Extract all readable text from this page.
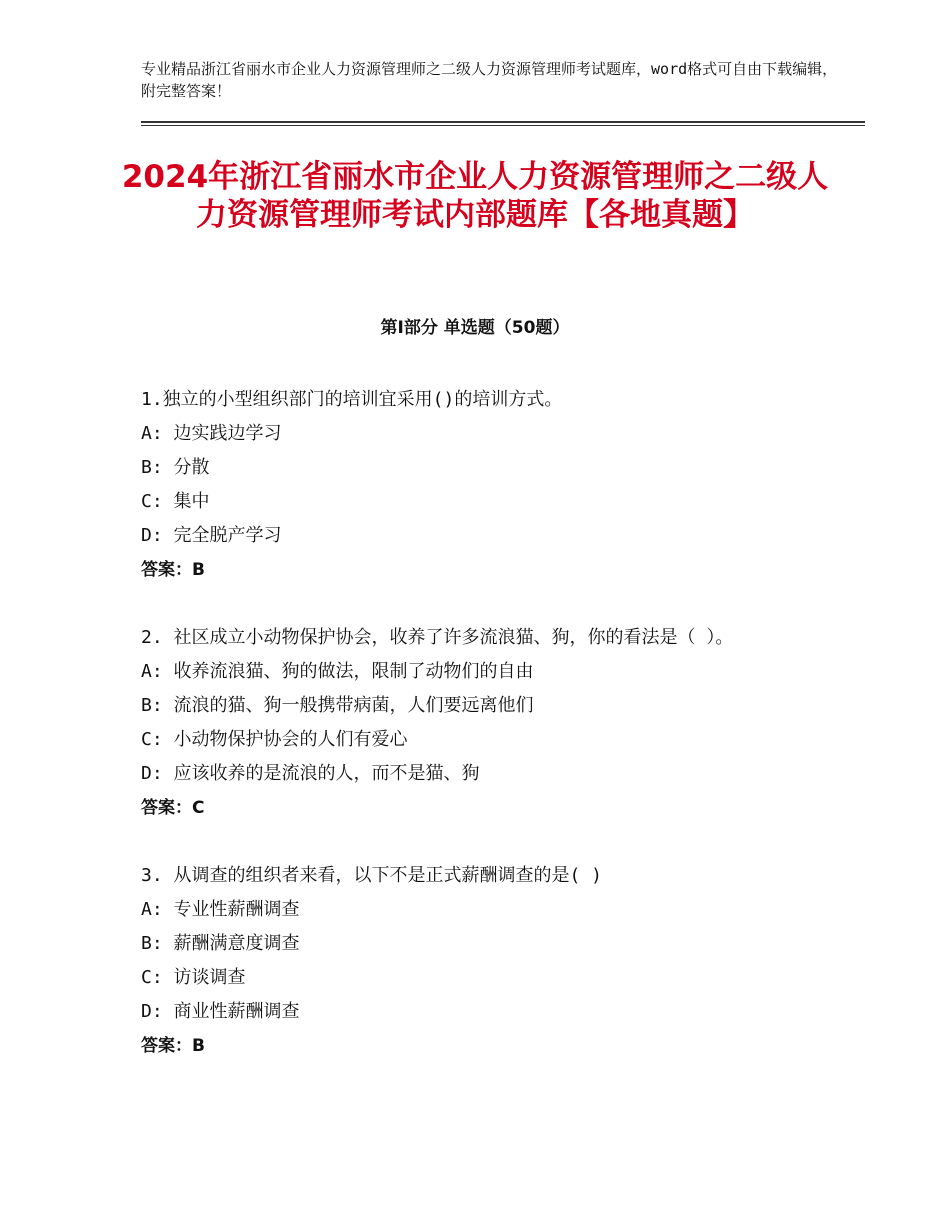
专业精品浙江省丽水市企业人力资源管理师之二级人力资源管理师考试题库，word格式可自由下载编辑，附完整答案！
2024年浙江省丽水市企业人力资源管理师之二级人力资源管理师考试内部题库【各地真题】
第Ⅰ部分 单选题（50题）
1.独立的小型组织部门的培训宜采用()的培训方式。
A: 边实践边学习
B: 分散
C: 集中
D: 完全脱产学习
答案：B
2. 社区成立小动物保护协会，收养了许多流浪猫、狗，你的看法是（ ）。
A: 收养流浪猫、狗的做法，限制了动物们的自由
B: 流浪的猫、狗一般携带病菌，人们要远离他们
C: 小动物保护协会的人们有爱心
D: 应该收养的是流浪的人，而不是猫、狗
答案：C
3. 从调查的组织者来看，以下不是正式薪酬调查的是( )
A: 专业性薪酬调查
B: 薪酬满意度调查
C: 访谈调查
D: 商业性薪酬调查
答案：B
